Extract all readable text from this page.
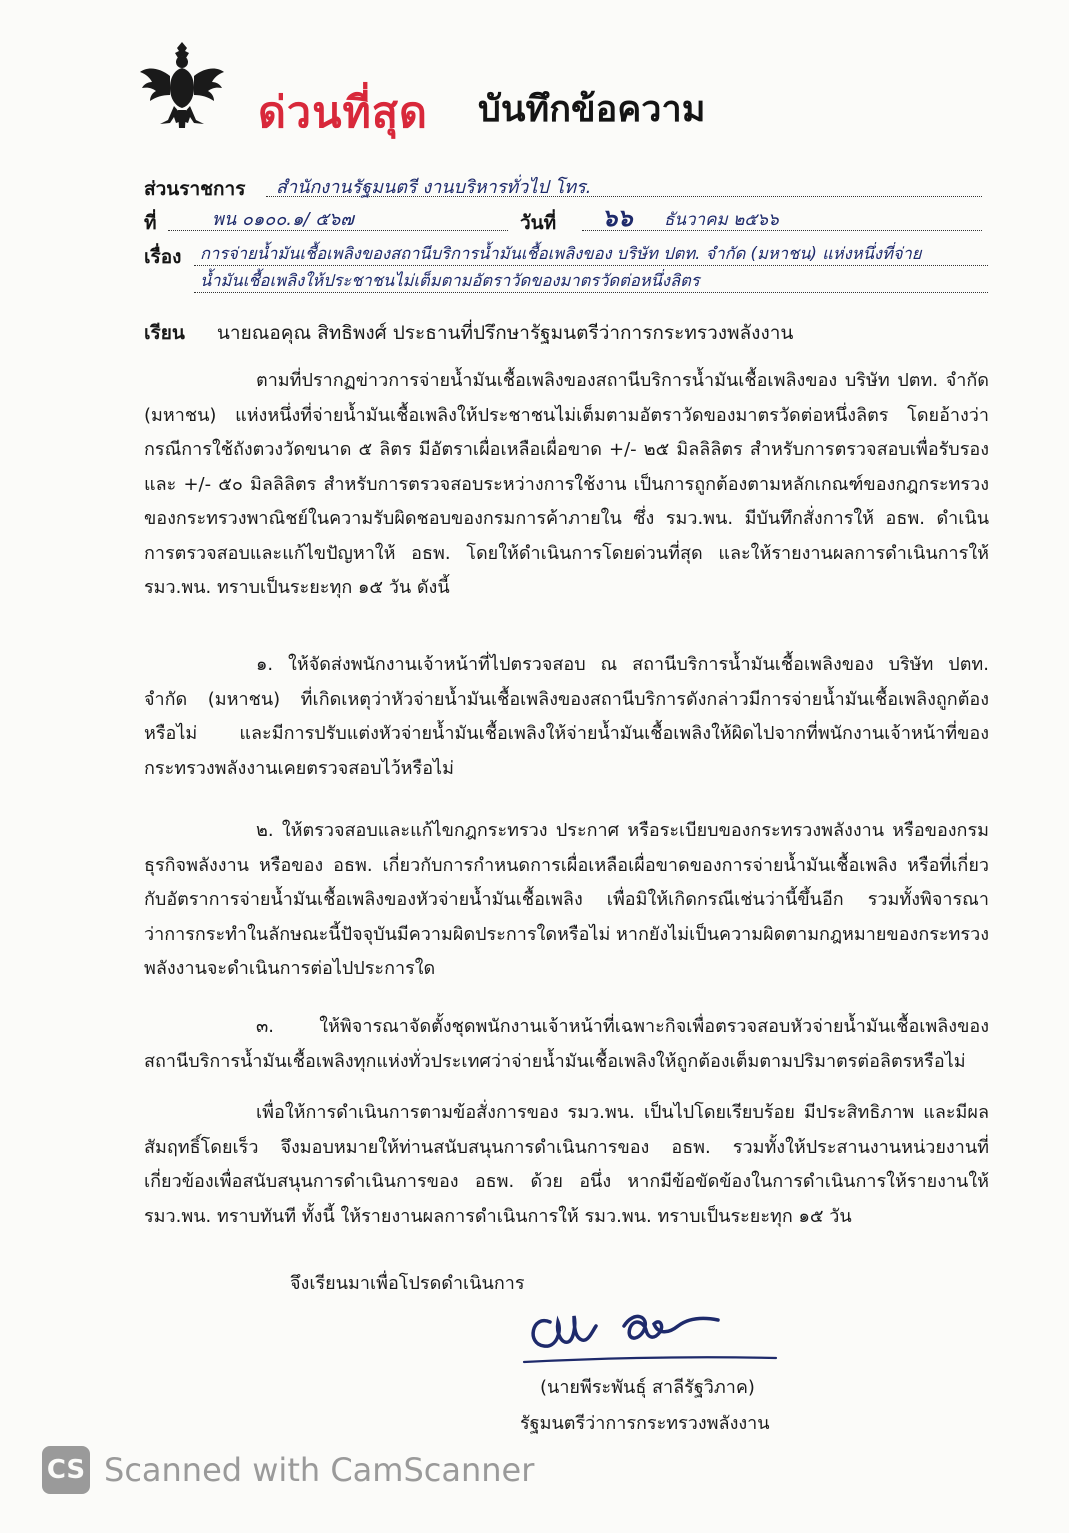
ด่วนที่สุด บันทึกข้อความ
ส่วนราชการ สำนักงานรัฐมนตรี งานบริหารทั่วไป โทร.
ที่	พน ๐๑๐๐.๑/ ๕๖๗	วันที่ ๖๖ ธันวาคม ๒๕๖๖
เรื่อง การจ่ายน้ำมันเชื้อเพลิงของสถานีบริการน้ำมันเชื้อเพลิงของ บริษัท ปตท. จำกัด (มหาชน) แห่งหนึ่งที่จ่าย
น้ำมันเชื้อเพลิงให้ประชาชนไม่เต็มตามอัตราวัดของมาตรวัดต่อหนึ่งลิตร
เรียน นายณอคุณ สิทธิพงศ์ ประธานที่ปรึกษารัฐมนตรีว่าการกระทรวงพลังงาน
ตามที่ปรากฏข่าวการจ่ายน้ำมันเชื้อเพลิงของสถานีบริการน้ำมันเชื้อเพลิงของ บริษัท ปตท. จำกัด (มหาชน) แห่งหนึ่งที่จ่ายน้ำมันเชื้อเพลิงให้ประชาชนไม่เต็มตามอัตราวัดของมาตรวัดต่อหนึ่งลิตร โดยอ้างว่ากรณีการใช้ถังตวงวัดขนาด ๕ ลิตร มีอัตราเผื่อเหลือเผื่อขาด +/- ๒๕ มิลลิลิตร สำหรับการตรวจสอบเพื่อรับรอง และ +/- ๕๐ มิลลิลิตร สำหรับการตรวจสอบระหว่างการใช้งาน เป็นการถูกต้องตามหลักเกณฑ์ของกฎกระทรวงของกระทรวงพาณิชย์ในความรับผิดชอบของกรมการค้าภายใน ซึ่ง รมว.พน. มีบันทึกสั่งการให้ อธพ. ดำเนินการตรวจสอบและแก้ไขปัญหาให้ อธพ. โดยให้ดำเนินการโดยด่วนที่สุด และให้รายงานผลการดำเนินการให้ รมว.พน. ทราบเป็นระยะทุก ๑๕ วัน ดังนี้
๑. ให้จัดส่งพนักงานเจ้าหน้าที่ไปตรวจสอบ ณ สถานีบริการน้ำมันเชื้อเพลิงของ บริษัท ปตท. จำกัด (มหาชน) ที่เกิดเหตุว่าหัวจ่ายน้ำมันเชื้อเพลิงของสถานีบริการดังกล่าวมีการจ่ายน้ำมันเชื้อเพลิงถูกต้องหรือไม่ และมีการปรับแต่งหัวจ่ายน้ำมันเชื้อเพลิงให้จ่ายน้ำมันเชื้อเพลิงให้ผิดไปจากที่พนักงานเจ้าหน้าที่ของกระทรวงพลังงานเคยตรวจสอบไว้หรือไม่
๒. ให้ตรวจสอบและแก้ไขกฎกระทรวง ประกาศ หรือระเบียบของกระทรวงพลังงาน หรือของกรมธุรกิจพลังงาน หรือของ อธพ. เกี่ยวกับการกำหนดการเผื่อเหลือเผื่อขาดของการจ่ายน้ำมันเชื้อเพลิง หรือที่เกี่ยวกับอัตราการจ่ายน้ำมันเชื้อเพลิงของหัวจ่ายน้ำมันเชื้อเพลิง เพื่อมิให้เกิดกรณีเช่นว่านี้ขึ้นอีก รวมทั้งพิจารณาว่าการกระทำในลักษณะนี้ปัจจุบันมีความผิดประการใดหรือไม่ หากยังไม่เป็นความผิดตามกฎหมายของกระทรวงพลังงานจะดำเนินการต่อไปประการใด
๓. ให้พิจารณาจัดตั้งชุดพนักงานเจ้าหน้าที่เฉพาะกิจเพื่อตรวจสอบหัวจ่ายน้ำมันเชื้อเพลิงของสถานีบริการน้ำมันเชื้อเพลิงทุกแห่งทั่วประเทศว่าจ่ายน้ำมันเชื้อเพลิงให้ถูกต้องเต็มตามปริมาตรต่อลิตรหรือไม่
เพื่อให้การดำเนินการตามข้อสั่งการของ รมว.พน. เป็นไปโดยเรียบร้อย มีประสิทธิภาพ และมีผลสัมฤทธิ์โดยเร็ว จึงมอบหมายให้ท่านสนับสนุนการดำเนินการของ อธพ. รวมทั้งให้ประสานงานหน่วยงานที่เกี่ยวข้องเพื่อสนับสนุนการดำเนินการของ อธพ. ด้วย อนึ่ง หากมีข้อขัดข้องในการดำเนินการให้รายงานให้ รมว.พน. ทราบทันที ทั้งนี้ ให้รายงานผลการดำเนินการให้ รมว.พน. ทราบเป็นระยะทุก ๑๕ วัน
จึงเรียนมาเพื่อโปรดดำเนินการ
(นายพีระพันธุ์ สาลีรัฐวิภาค)
รัฐมนตรีว่าการกระทรวงพลังงาน
CS Scanned with CamScanner
